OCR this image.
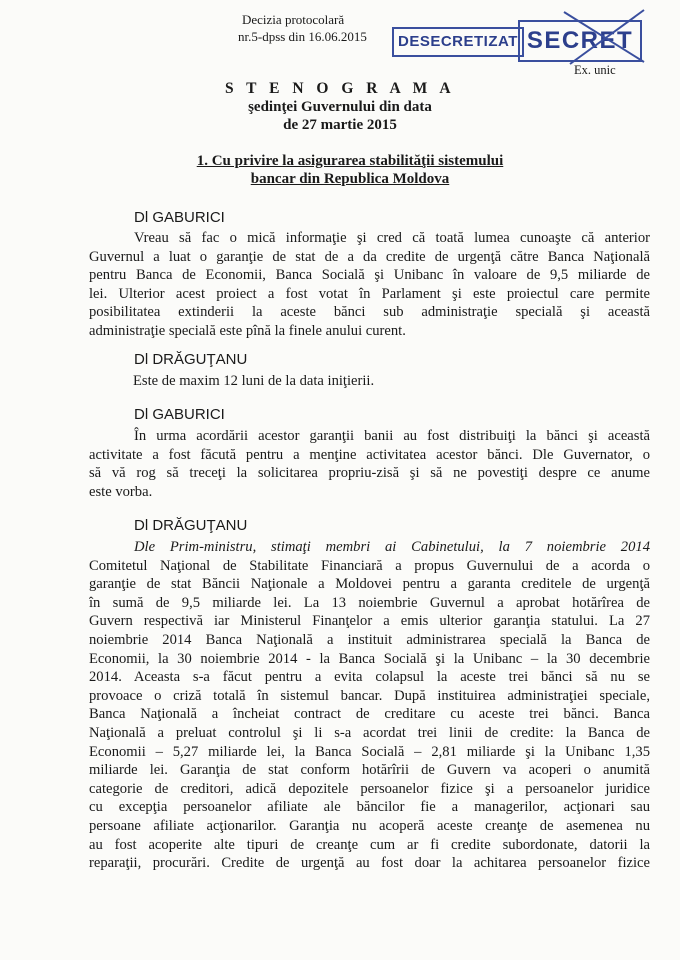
Decizia protocolară
nr.5-dpss din 16.06.2015	DESECRETIZAT SECRET
Ex. unic
S T E N O G R A M A
şedinţei Guvernului din data
de 27 martie 2015
1. Cu privire la asigurarea stabilităţii sistemului
bancar din Republica Moldova
Dl GABURICI
Vreau să fac o mică informaţie şi cred că toată lumea cunoaşte că anterior
Guvernul a luat o garanţie de stat de a da credite de urgenţă către Banca Naţională
pentru Banca de Economii, Banca Socială şi Unibanc în valoare de 9,5 miliarde de
lei. Ulterior acest proiect a fost votat în Parlament şi este proiectul care permite
posibilitatea extinderii la aceste bănci sub administraţie specială şi această
administraţie specială este pînă la finele anului curent.
Dl DRĂGUŢANU
Este de maxim 12 luni de la data iniţierii.
Dl GABURICI
În urma acordării acestor garanţii banii au fost distribuiţi la bănci şi această
activitate a fost făcută pentru a menţine activitatea acestor bănci. Dle Guvernator, o
să vă rog să treceţi la solicitarea propriu-zisă şi să ne povestiţi despre ce anume
este vorba.
Dl DRĂGUŢANU
Dle Prim-ministru, stimaţi membri ai Cabinetului, la 7 noiembrie 2014
Comitetul Naţional de Stabilitate Financiară a propus Guvernului de a acorda o
garanţie de stat Băncii Naţionale a Moldovei pentru a garanta creditele de urgenţă
în sumă de 9,5 miliarde lei. La 13 noiembrie Guvernul a aprobat hotărîrea de
Guvern respectivă iar Ministerul Finanţelor a emis ulterior garanţia statului. La 27
noiembrie 2014 Banca Naţională a instituit administrarea specială la Banca de
Economii, la 30 noiembrie 2014 - la Banca Socială şi la Unibanc – la 30 decembrie
2014. Aceasta s-a făcut pentru a evita colapsul la aceste trei bănci să nu se
provoace o criză totală în sistemul bancar. După instituirea administraţiei speciale,
Banca Naţională a încheiat contract de creditare cu aceste trei bănci. Banca
Naţională a preluat controlul şi li s-a acordat trei linii de credite: la Banca de
Economii – 5,27 miliarde lei, la Banca Socială – 2,81 miliarde şi la Unibanc 1,35
miliarde lei. Garanţia de stat conform hotărîrii de Guvern va acoperi o anumită
categorie de creditori, adică depozitele persoanelor fizice şi a persoanelor juridice
cu excepţia persoanelor afiliate ale băncilor fie a managerilor, acţionari sau
persoane afiliate acţionarilor. Garanţia nu acoperă aceste creanţe de asemenea nu
au fost acoperite alte tipuri de creanţe cum ar fi credite subordonate, datorii la
reparaţii, procurări. Credite de urgenţă au fost doar la achitarea persoanelor fizice
